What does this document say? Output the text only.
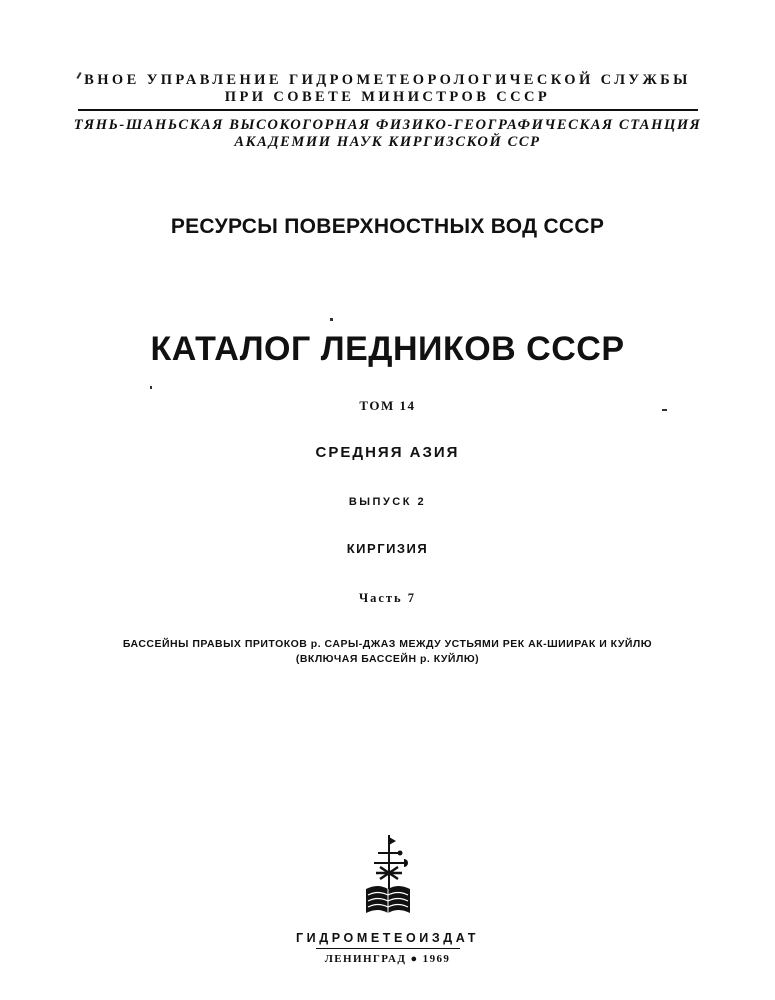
ВНОЕ УПРАВЛЕНИЕ ГИДРОМЕТЕОРОЛОГИЧЕСКОЙ СЛУЖБЫ
ПРИ СОВЕТЕ МИНИСТРОВ СССР
ТЯНЬ-ШАНЬСКАЯ ВЫСОКОГОРНАЯ ФИЗИКО-ГЕОГРАФИЧЕСКАЯ СТАНЦИЯ
АКАДЕМИИ НАУК КИРГИЗСКОЙ ССР
РЕСУРСЫ ПОВЕРХНОСТНЫХ ВОД СССР
КАТАЛОГ ЛЕДНИКОВ СССР
ТОМ 14
СРЕДНЯЯ АЗИЯ
ВЫПУСК 2
КИРГИЗИЯ
Часть 7
БАССЕЙНЫ ПРАВЫХ ПРИТОКОВ р. САРЫ-ДЖАЗ МЕЖДУ УСТЬЯМИ РЕК АК-ШИИРАК И КУЙЛЮ
(ВКЛЮЧАЯ БАССЕЙН р. КУЙЛЮ)
ГИДРОМЕТЕОИЗДАТ
ЛЕНИНГРАД ● 1969
